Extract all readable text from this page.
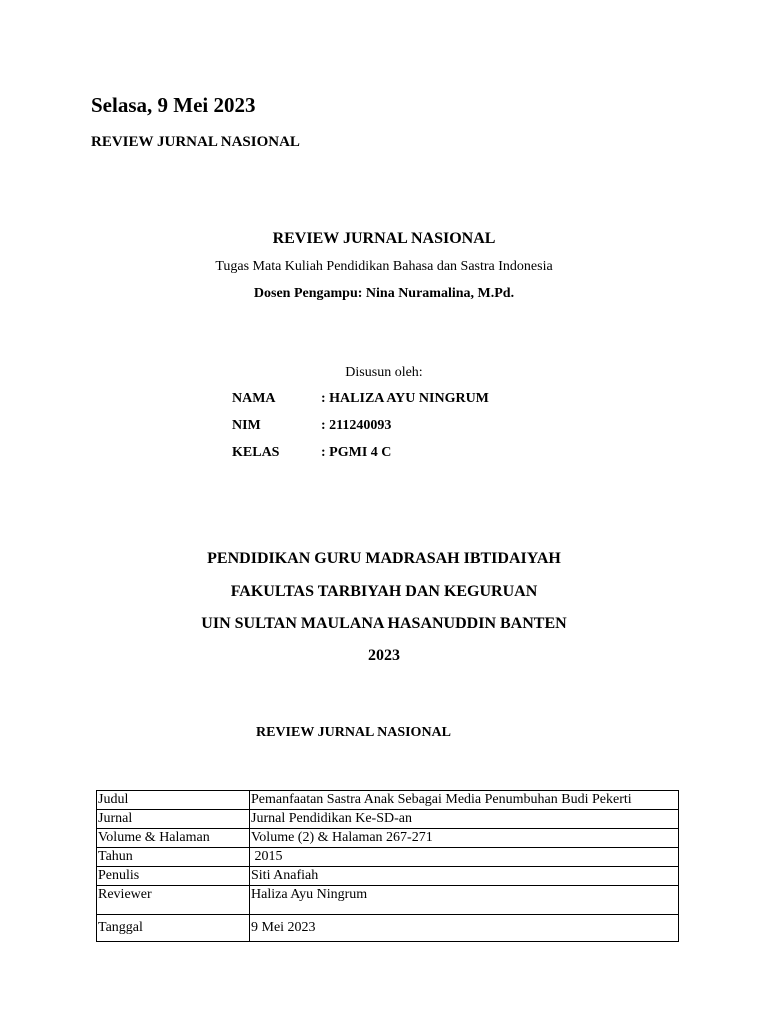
Selasa, 9 Mei 2023
REVIEW JURNAL NASIONAL
REVIEW JURNAL NASIONAL
Tugas Mata Kuliah Pendidikan Bahasa dan Sastra Indonesia
Dosen Pengampu: Nina Nuramalina, M.Pd.
Disusun oleh:
NAMA	: HALIZA AYU NINGRUM
NIM	: 211240093
KELAS	: PGMI 4 C
PENDIDIKAN GURU MADRASAH IBTIDAIYAH
FAKULTAS TARBIYAH DAN KEGURUAN
UIN SULTAN MAULANA HASANUDDIN BANTEN
2023
REVIEW JURNAL NASIONAL
Judul	Pemanfaatan Sastra Anak Sebagai Media Penumbuhan Budi Pekerti
Jurnal	Jurnal Pendidikan Ke-SD-an
Volume & Halaman	Volume (2) & Halaman 267-271
Tahun	2015
Penulis	Siti Anafiah
Reviewer	Haliza Ayu Ningrum
Tanggal	9 Mei 2023
